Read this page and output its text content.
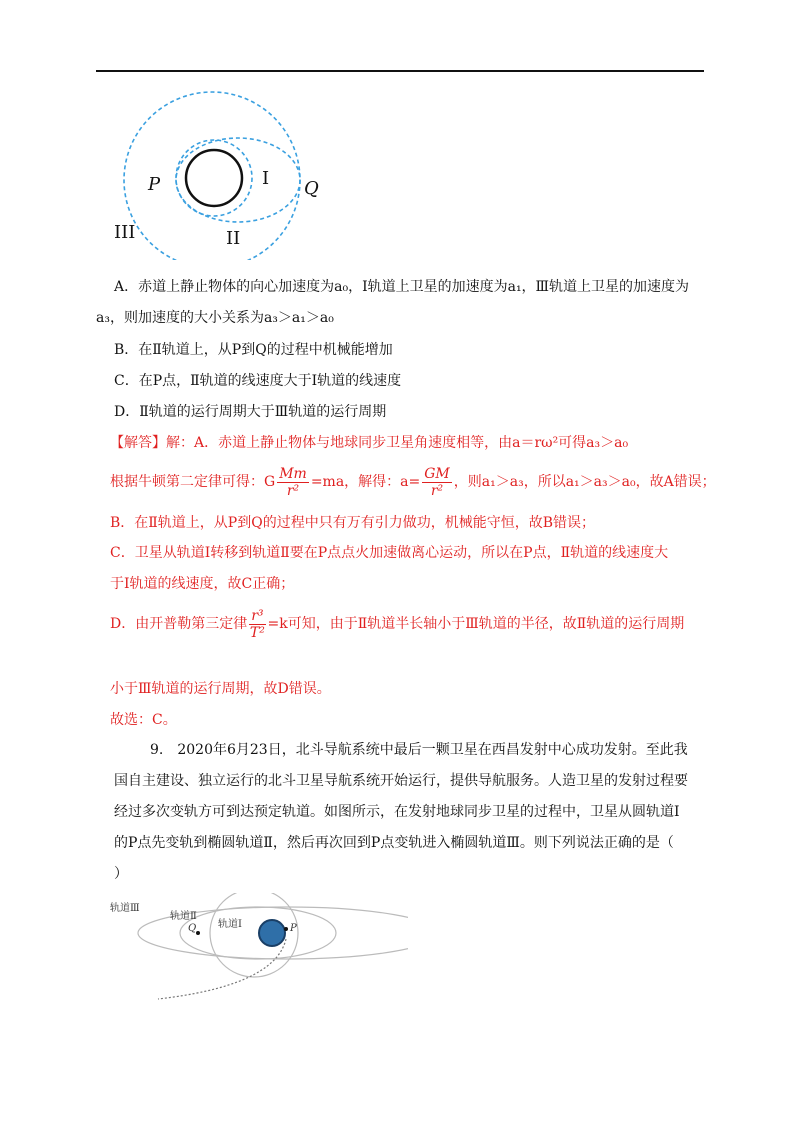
P	I Q
III	II
A．赤道上静止物体的向心加速度为a₀，Ⅰ轨道上卫星的加速度为a₁，Ⅲ轨道上卫星的加速度为
a₃，则加速度的大小关系为a₃＞a₁＞a₀
B．在Ⅱ轨道上，从P到Q的过程中机械能增加
C．在P点，Ⅱ轨道的线速度大于Ⅰ轨道的线速度
D．Ⅱ轨道的运行周期大于Ⅲ轨道的运行周期
【解答】解：A．赤道上静止物体与地球同步卫星角速度相等，由a＝rω²可得a₃＞a₀
根据牛顿第二定律可得：G $\frac{Mm}{\text{r²}} =ma$，解得：$a= \frac{GM}{\text{r²}}$ ，则a₁＞a₃，所以a₁＞a₃＞a₀，故A错误；
B．在Ⅱ轨道上，从P到Q的过程中只有万有引力做功，机械能守恒，故B错误；
C．卫星从轨道Ⅰ转移到轨道Ⅱ要在P点点火加速做离心运动，所以在P点，Ⅱ轨道的线速度大
于Ⅰ轨道的线速度，故C正确；
D．由开普勒第三定律 $\frac{\text{r³}}{\text{T²}} =k$可知，由于Ⅱ轨道半长轴小于Ⅲ轨道的半径，故Ⅱ轨道的运行周期
小于Ⅲ轨道的运行周期，故D错误。
故选：C。
9.　2020年6月23日，北斗导航系统中最后一颗卫星在西昌发射中心成功发射。至此我
国自主建设、独立运行的北斗卫星导航系统开始运行，提供导航服务。人造卫星的发射过程要
经过多次变轨方可到达预定轨道。如图所示，在发射地球同步卫星的过程中，卫星从圆轨道Ⅰ
的P点先变轨到椭圆轨道Ⅱ，然后再次回到P点变轨进入椭圆轨道Ⅲ。则下列说法正确的是（
）
轨道Ⅲ
轨道Ⅱ
轨道Ⅰ
Q	P
